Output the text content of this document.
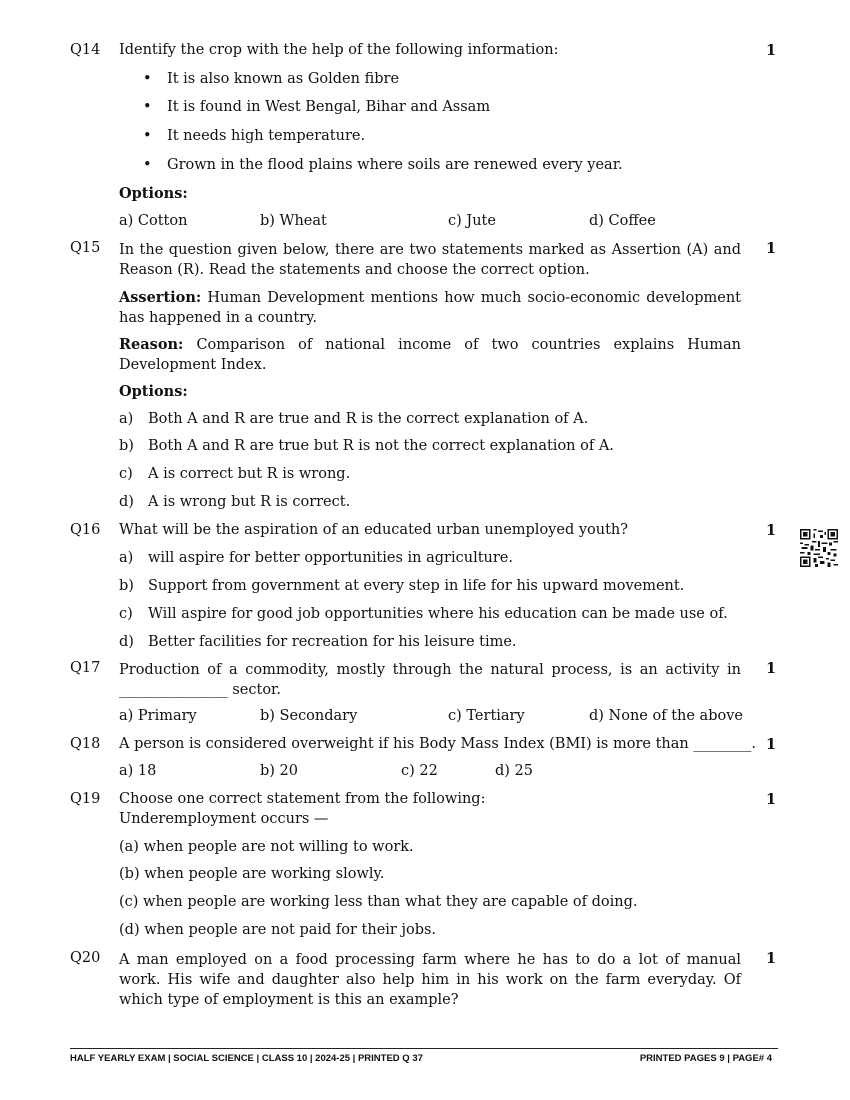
Q14	1
Identify the crop with the help of the following information:
• It is also known as Golden fibre
• It is found in West Bengal, Bihar and Assam
• It needs high temperature.
• Grown in the flood plains where soils are renewed every year.
Options:
a) Cotton	b) Wheat	c) Jute	d) Coffee
Q15	1
In the question given below, there are two statements marked as Assertion (A) and Reason (R). Read the statements and choose the correct option.
Assertion: Human Development mentions how much socio-economic development has happened in a country.
Reason: Comparison of national income of two countries explains Human Development Index.
Options:
a) Both A and R are true and R is the correct explanation of A.
b) Both A and R are true but R is not the correct explanation of A.
c) A is correct but R is wrong.
d) A is wrong but R is correct.
Q16	1
What will be the aspiration of an educated urban unemployed youth?
a) will aspire for better opportunities in agriculture.
b) Support from government at every step in life for his upward movement.
c) Will aspire for good job opportunities where his education can be made use of.
d) Better facilities for recreation for his leisure time.
Q17	1
Production of a commodity, mostly through the natural process, is an activity in _______________ sector.
a) Primary	b) Secondary	c) Tertiary	d) None of the above
Q18	1
A person is considered overweight if his Body Mass Index (BMI) is more than ________.
a) 18	b) 20	c) 22	d) 25
Q19	1
Choose one correct statement from the following:
Underemployment occurs —
(a) when people are not willing to work.
(b) when people are working slowly.
(c) when people are working less than what they are capable of doing.
(d) when people are not paid for their jobs.
Q20	1
A man employed on a food processing farm where he has to do a lot of manual work. His wife and daughter also help him in his work on the farm everyday. Of which type of employment is this an example?
HALF YEARLY EXAM | SOCIAL SCIENCE | CLASS 10 | 2024-25 | PRINTED Q 37	PRINTED PAGES 9 | PAGE# 4
